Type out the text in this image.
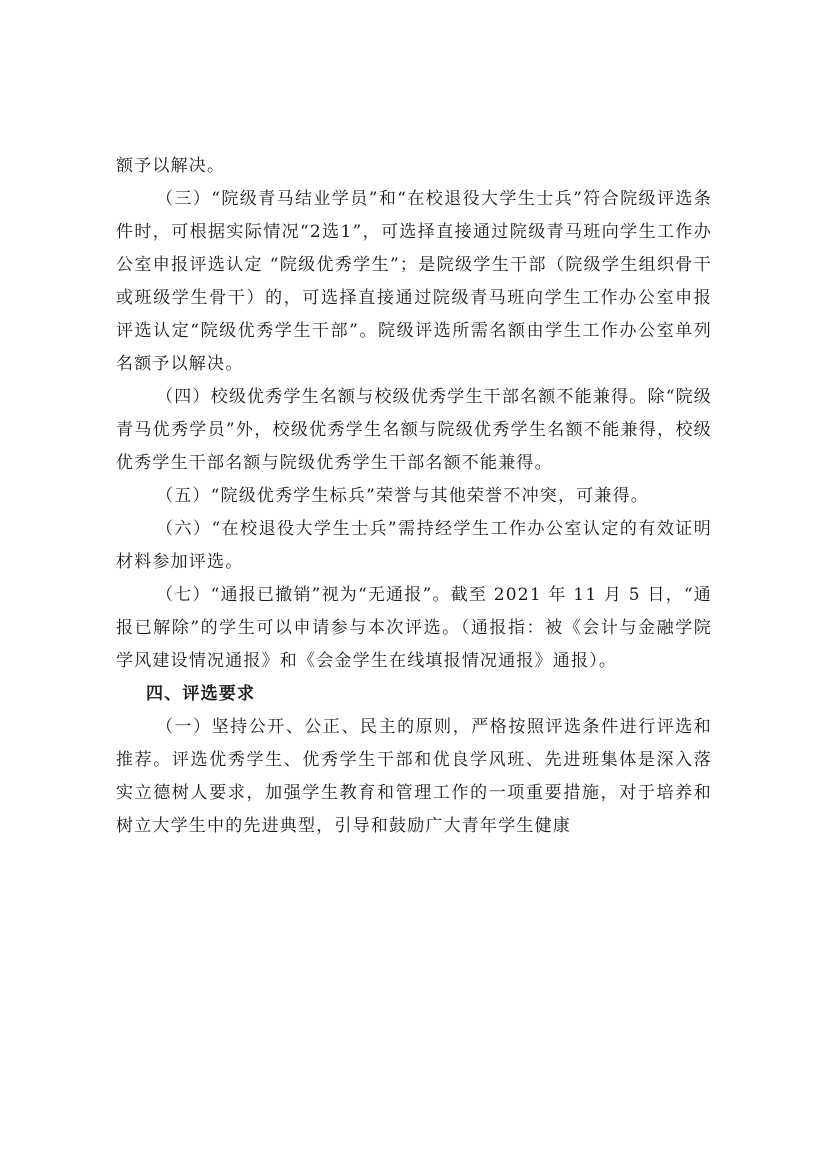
额予以解决。

（三）“院级青马结业学员”和“在校退役大学生士兵”符合院级评选条件时，可根据实际情况“2选1”，可选择直接通过院级青马班向学生工作办公室申报评选认定 “院级优秀学生”；是院级学生干部（院级学生组织骨干或班级学生骨干）的，可选择直接通过院级青马班向学生工作办公室申报评选认定“院级优秀学生干部”。院级评选所需名额由学生工作办公室单列名额予以解决。

（四）校级优秀学生名额与校级优秀学生干部名额不能兼得。除“院级青马优秀学员”外，校级优秀学生名额与院级优秀学生名额不能兼得，校级优秀学生干部名额与院级优秀学生干部名额不能兼得。

（五）“院级优秀学生标兵”荣誉与其他荣誉不冲突，可兼得。

（六）“在校退役大学生士兵”需持经学生工作办公室认定的有效证明材料参加评选。

（七）“通报已撤销”视为“无通报”。截至 2021 年 11 月 5 日，“通报已解除”的学生可以申请参与本次评选。（通报指：被《会计与金融学院学风建设情况通报》和《会金学生在线填报情况通报》通报）。

四、评选要求

（一）坚持公开、公正、民主的原则，严格按照评选条件进行评选和推荐。评选优秀学生、优秀学生干部和优良学风班、先进班集体是深入落实立德树人要求，加强学生教育和管理工作的一项重要措施，对于培养和树立大学生中的先进典型，引导和鼓励广大青年学生健康
